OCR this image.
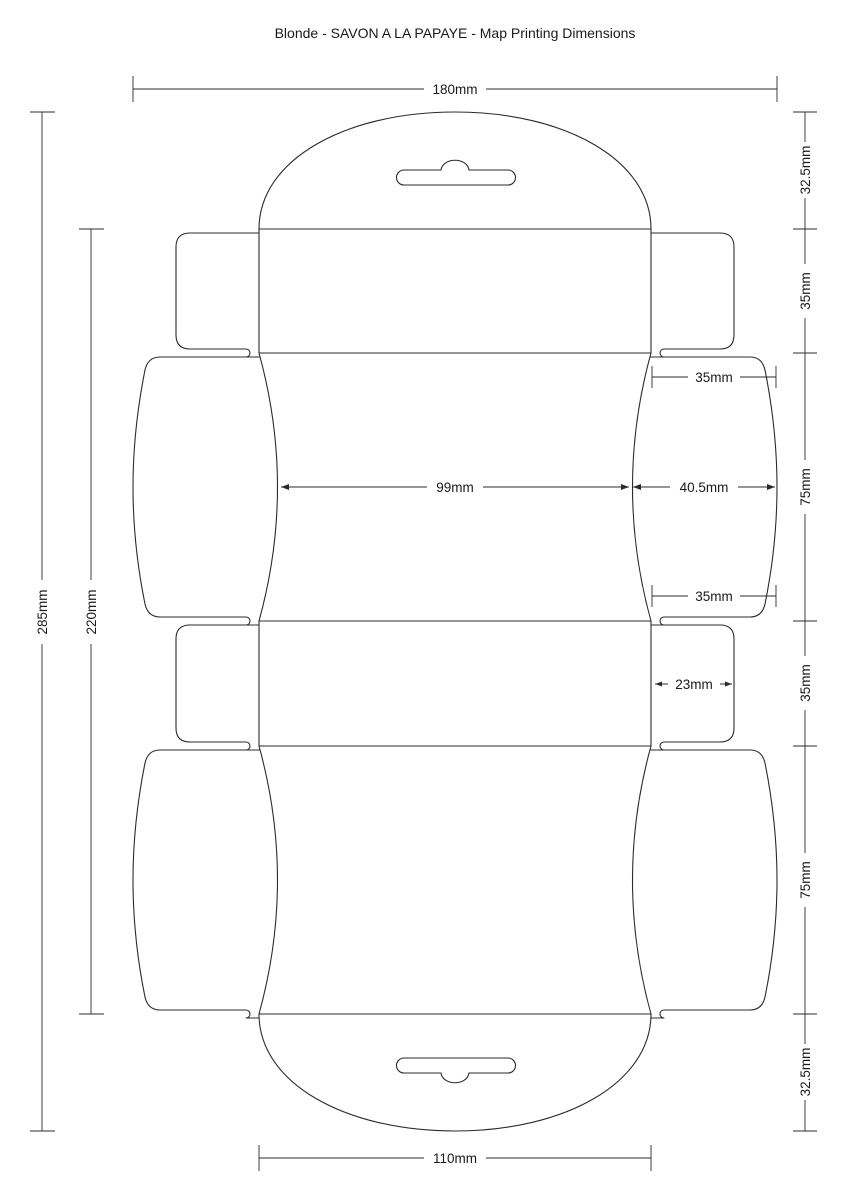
Blonde - SAVON A LA PAPAYE - Map Printing Dimensions
180mm
110mm
285mm	220mm
99mm	40.5mm
35mm
35mm
23mm
32.5mm
35mm
75mm
35mm
75mm
32.5mm
